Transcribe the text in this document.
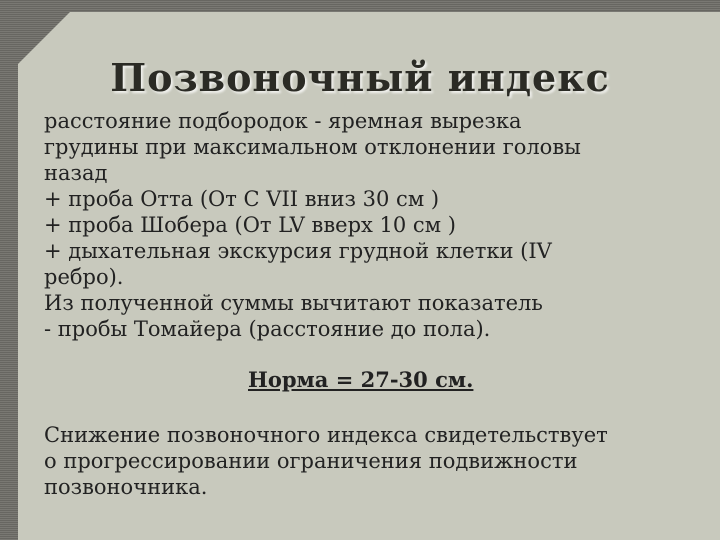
Позвоночный индекс
расстояние подбородок - яремная вырезка
грудины при максимальном отклонении головы
назад
+ проба Отта (От C VII вниз 30 см )
+ проба Шобера (От LV вверх 10 см )
+ дыхательная экскурсия грудной клетки (IV
ребро).
Из полученной суммы вычитают показатель
- пробы Томайера (расстояние до пола).
Норма = 27-30 см.
Снижение позвоночного индекса свидетельствует
о прогрессировании ограничения подвижности
позвоночника.
